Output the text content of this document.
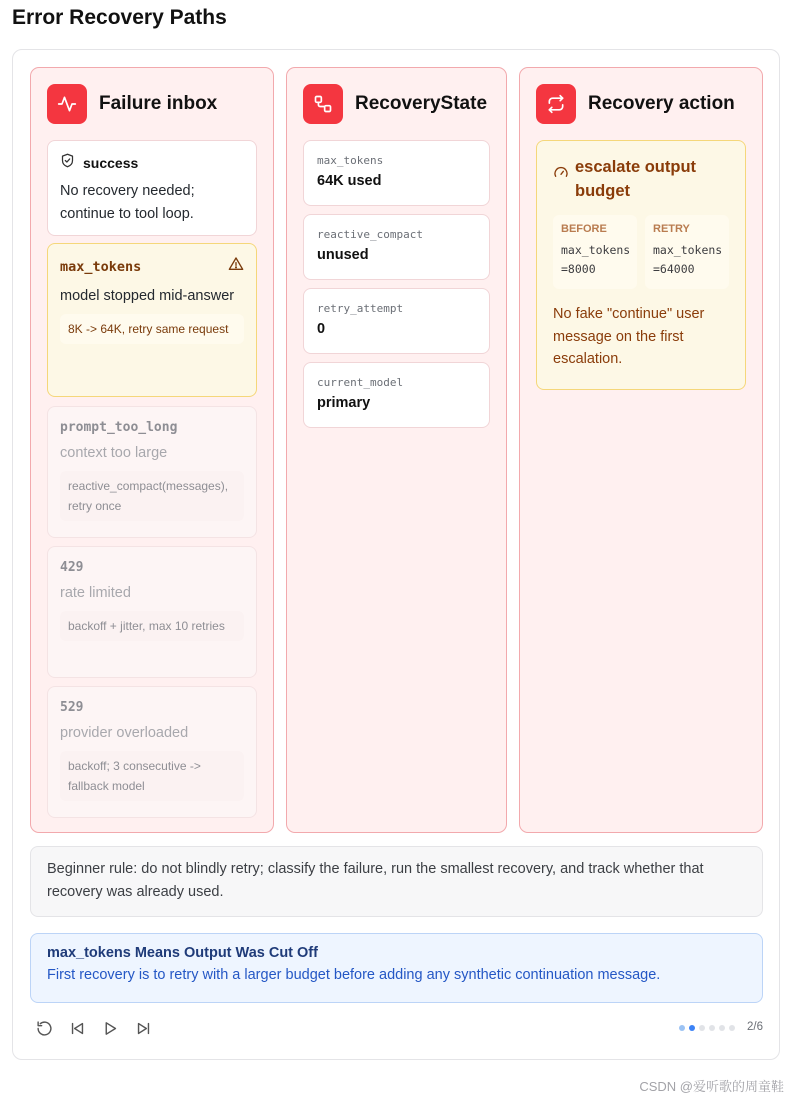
Error Recovery Paths
Failure inbox
success
No recovery needed; continue to tool loop.
max_tokens
model stopped mid-answer
8K -> 64K, retry same request
prompt_too_long
context too large
reactive_compact(messages), retry once
429
rate limited
backoff + jitter, max 10 retries
529
provider overloaded
backoff; 3 consecutive -> fallback model
RecoveryState
max_tokens
64K used
reactive_compact
unused
retry_attempt
0
current_model
primary
Recovery action
escalate output budget
BEFORE
max_tokens =8000
RETRY
max_tokens =64000
No fake "continue" user message on the first escalation.
Beginner rule: do not blindly retry; classify the failure, run the smallest recovery, and track whether that recovery was already used.
max_tokens Means Output Was Cut Off
First recovery is to retry with a larger budget before adding any synthetic continuation message.
2/6
CSDN @爱听歌的周童鞋
